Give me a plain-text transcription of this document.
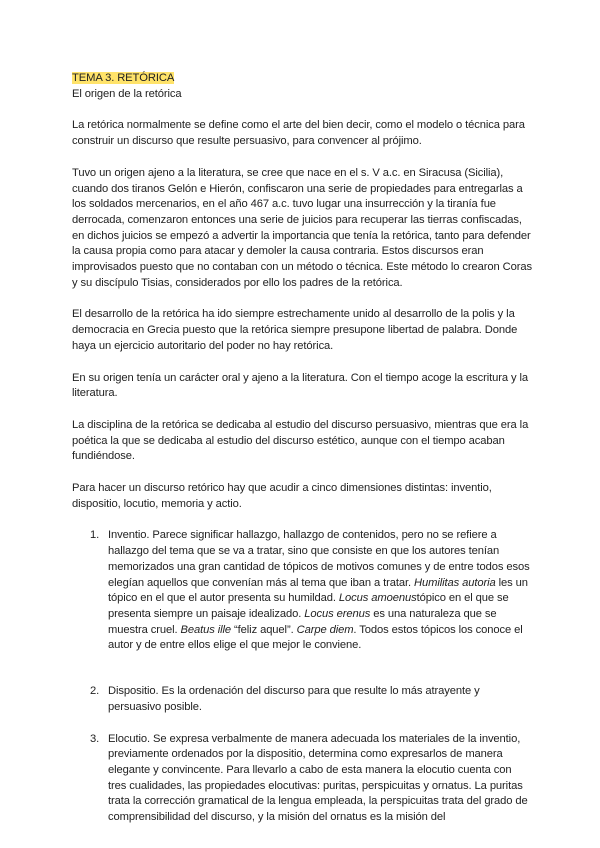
TEMA 3. RETÓRICA

El origen de la retórica

La retórica normalmente se define como el arte del bien decir, como el modelo o técnica para construir un discurso que resulte persuasivo, para convencer al prójimo.

Tuvo un origen ajeno a la literatura, se cree que nace en el s. V a.c. en Siracusa (Sicilia), cuando dos tiranos Gelón e Hierón, confiscaron una serie de propiedades para entregarlas a los soldados mercenarios, en el año 467 a.c. tuvo lugar una insurrección y la tiranía fue derrocada, comenzaron entonces una serie de juicios para recuperar las tierras confiscadas, en dichos juicios se empezó a advertir la importancia que tenía la retórica, tanto para defender la causa propia como para atacar y demoler la causa contraria. Estos discursos eran improvisados puesto que no contaban con un método o técnica. Este método lo crearon Coras y su discípulo Tisias, considerados por ello los padres de la retórica.

El desarrollo de la retórica ha ido siempre estrechamente unido al desarrollo de la polis y la democracia en Grecia puesto que la retórica siempre presupone libertad de palabra. Donde haya un ejercicio autoritario del poder no hay retórica.

En su origen tenía un carácter oral y ajeno a la literatura. Con el tiempo acoge la escritura y la literatura.

La disciplina de la retórica se dedicaba al estudio del discurso persuasivo, mientras que era la poética la que se dedicaba al estudio del discurso estético, aunque con el tiempo acaban fundiéndose.

Para hacer un discurso retórico hay que acudir a cinco dimensiones distintas: inventio, dispositio, locutio, memoria y actio.

1. Inventio. Parece significar hallazgo, hallazgo de contenidos, pero no se refiere a hallazgo del tema que se va a tratar, sino que consiste en que los autores tenían memorizados una gran cantidad de tópicos de motivos comunes y de entre todos esos elegían aquellos que convenían más al tema que iban a tratar. Humilitas autoria les un tópico en el que el autor presenta su humildad. Locus amoenustópico en el que se presenta siempre un paisaje idealizado. Locus erenus es una naturaleza que se muestra cruel. Beatus ille “feliz aquel”. Carpe diem. Todos estos tópicos los conoce el autor y de entre ellos elige el que mejor le conviene.
2. Dispositio. Es la ordenación del discurso para que resulte lo más atrayente y persuasivo posible.
3. Elocutio. Se expresa verbalmente de manera adecuada los materiales de la inventio, previamente ordenados por la dispositio, determina como expresarlos de manera elegante y convincente. Para llevarlo a cabo de esta manera la elocutio cuenta con tres cualidades, las propiedades elocutivas: puritas, perspicuitas y ornatus. La puritas trata la corrección gramatical de la lengua empleada, la perspicuitas trata del grado de comprensibilidad del discurso, y la misión del ornatus es la misión del
